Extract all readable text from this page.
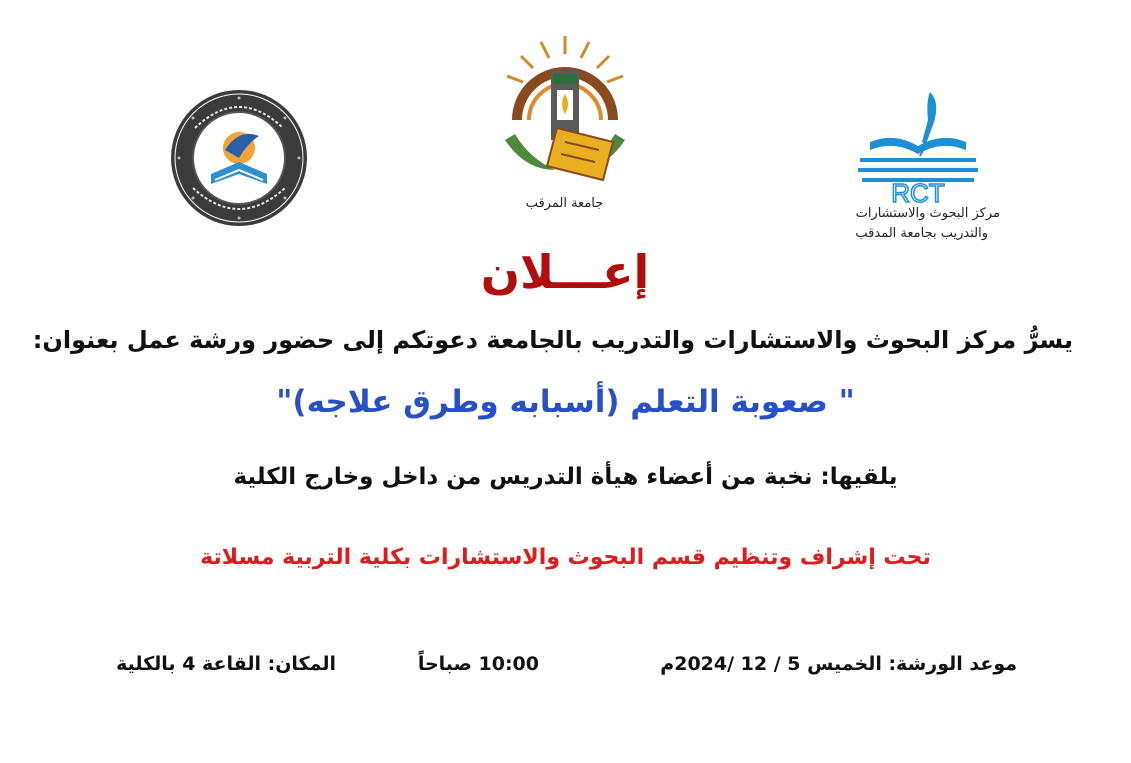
RCT
جامعة المرقب
مركز البحوث والاستشارات
والتدريب بجامعة المدقب
إعـــلان
يسرُّ مركز البحوث والاستشارات والتدريب بالجامعة دعوتكم إلى حضور ورشة عمل بعنوان:
" صعوبة التعلم (أسبابه وطرق علاجه)"
يلقيها: نخبة من أعضاء هيأة التدريس من داخل وخارج الكلية
تحت إشراف وتنظيم قسم البحوث والاستشارات بكلية التربية مسلاتة
موعد الورشة: الخميس 5 / 12 /2024م
10:00 صباحاً
المكان: القاعة 4 بالكلية
